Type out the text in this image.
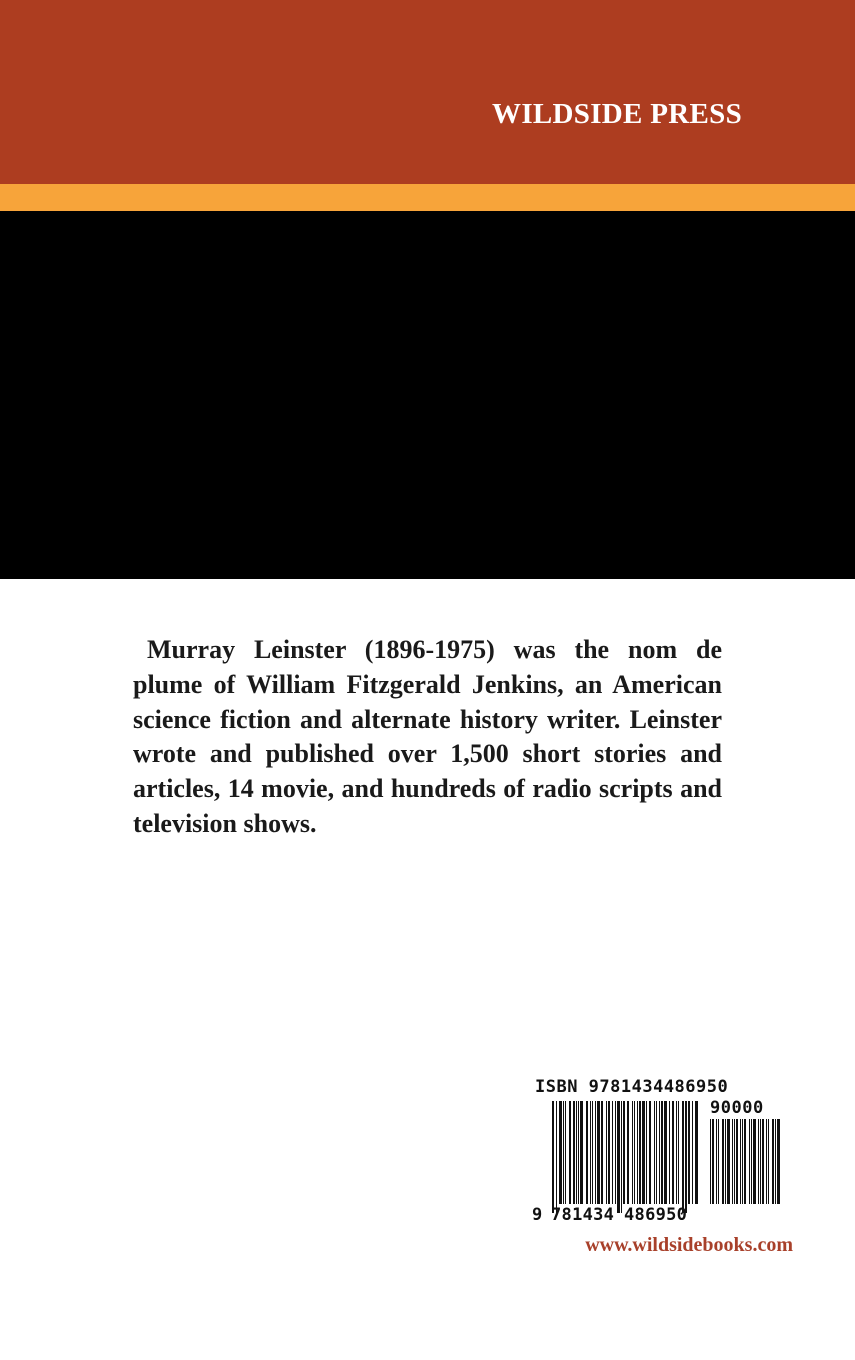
WILDSIDE PRESS

Murray Leinster (1896-1975) was the nom de plume of William Fitzgerald Jenkins, an American science fiction and alternate history writer. Leinster wrote and published over 1,500 short stories and articles, 14 movie, and hundreds of radio scripts and television shows.

ISBN 9781434486950
90000
9 781434 486950
www.wildsidebooks.com
